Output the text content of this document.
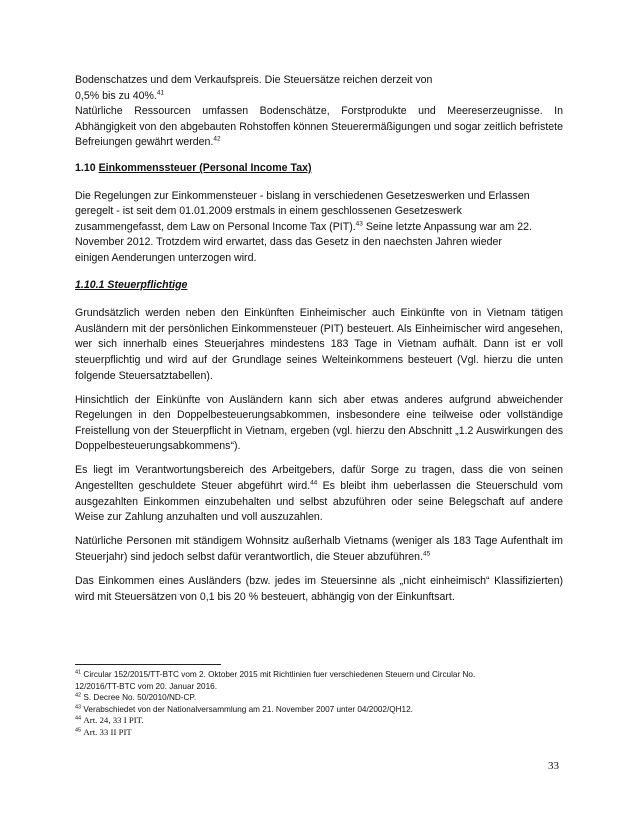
Bodenschatzes und dem Verkaufspreis. Die Steuersätze reichen derzeit von
0,5% bis zu 40%.$^{41}$

Natürliche Ressourcen umfassen Bodenschätze, Forstprodukte und Meereserzeugnisse. In Abhängigkeit von den abgebauten Rohstoffen können Steuerermäßigungen und sogar zeitlich befristete Befreiungen gewährt werden.$^{42}$

1.10 Einkommenssteuer (Personal Income Tax)

Die Regelungen zur Einkommensteuer - bislang in verschiedenen Gesetzeswerken und Erlassen
geregelt - ist seit dem 01.01.2009 erstmals in einem geschlossenen Gesetzeswerk
zusammengefasst, dem Law on Personal Income Tax (PIT).$^{43}$ Seine letzte Anpassung war am 22.
November 2012. Trotzdem wird erwartet, dass das Gesetz in den naechsten Jahren wieder
einigen Aenderungen unterzogen wird.

1.10.1 Steuerpflichtige

Grundsätzlich werden neben den Einkünften Einheimischer auch Einkünfte von in Vietnam tätigen Ausländern mit der persönlichen Einkommensteuer (PIT) besteuert. Als Einheimischer wird angesehen, wer sich innerhalb eines Steuerjahres mindestens 183 Tage in Vietnam aufhält. Dann ist er voll steuerpflichtig und wird auf der Grundlage seines Welteinkommens besteuert (Vgl. hierzu die unten folgende Steuersatztabellen).

Hinsichtlich der Einkünfte von Ausländern kann sich aber etwas anderes aufgrund abweichender Regelungen in den Doppelbesteuerungsabkommen, insbesondere eine teilweise oder vollständige Freistellung von der Steuerpflicht in Vietnam, ergeben (vgl. hierzu den Abschnitt „1.2 Auswirkungen des Doppelbesteuerungsabkommens“).

Es liegt im Verantwortungsbereich des Arbeitgebers, dafür Sorge zu tragen, dass die von seinen Angestellten geschuldete Steuer abgeführt wird.$^{44}$ Es bleibt ihm ueberlassen die Steuerschuld vom ausgezahlten Einkommen einzubehalten und selbst abzuführen oder seine Belegschaft auf andere Weise zur Zahlung anzuhalten und voll auszuzahlen.

Natürliche Personen mit ständigem Wohnsitz außerhalb Vietnams (weniger als 183 Tage Aufenthalt im Steuerjahr) sind jedoch selbst dafür verantwortlich, die Steuer abzuführen.$^{45}$

Das Einkommen eines Ausländers (bzw. jedes im Steuersinne als „nicht einheimisch“ Klassifizierten) wird mit Steuersätzen von 0,1 bis 20 % besteuert, abhängig von der Einkunftsart.

$^{41}$ Circular 152/2015/TT-BTC vom 2. Oktober 2015 mit Richtlinien fuer verschiedenen Steuern und Circular No.
12/2016/TT-BTC vom 20. Januar 2016.
$^{42}$ S. Decree No. 50/2010/ND-CP.
$^{43}$ Verabschiedet von der Nationalversammlung am 21. November 2007 unter 04/2002/QH12.
$^{44}$ Art. 24, 33 I PIT.
$^{45}$ Art. 33 II PIT
33
